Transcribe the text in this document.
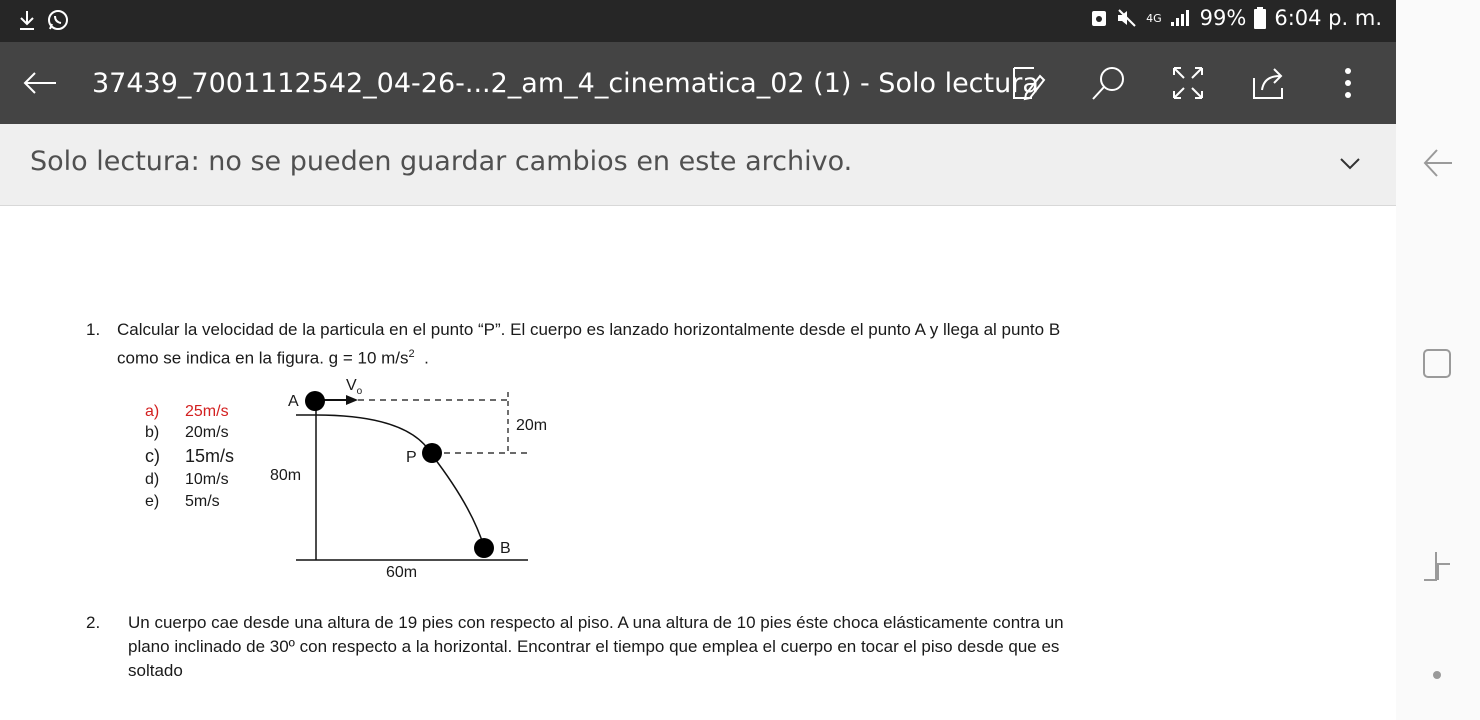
4G 99% 6:04 p. m.
37439_7001112542_04-26-...2_am_4_cinematica_02 (1) - Solo lectura
Solo lectura: no se pueden guardar cambios en este archivo.
1. Calcular la velocidad de la particula en el punto “P”. El cuerpo es lanzado horizontalmente desde el punto A y llega al punto B
como se indica en la figura. g = 10 $m/s^2$  .
a) 25m/s
b) 20m/s
c) 15m/s
d) 10m/s
e) 5m/s
A
$V_o$
20m
P
80m
B
60m
2. Un cuerpo cae desde una altura de 19 pies con respecto al piso. A una altura de 10 pies éste choca elásticamente contra un
plano inclinado de 30º con respecto a la horizontal. Encontrar el tiempo que emplea el cuerpo en tocar el piso desde que es
soltado
